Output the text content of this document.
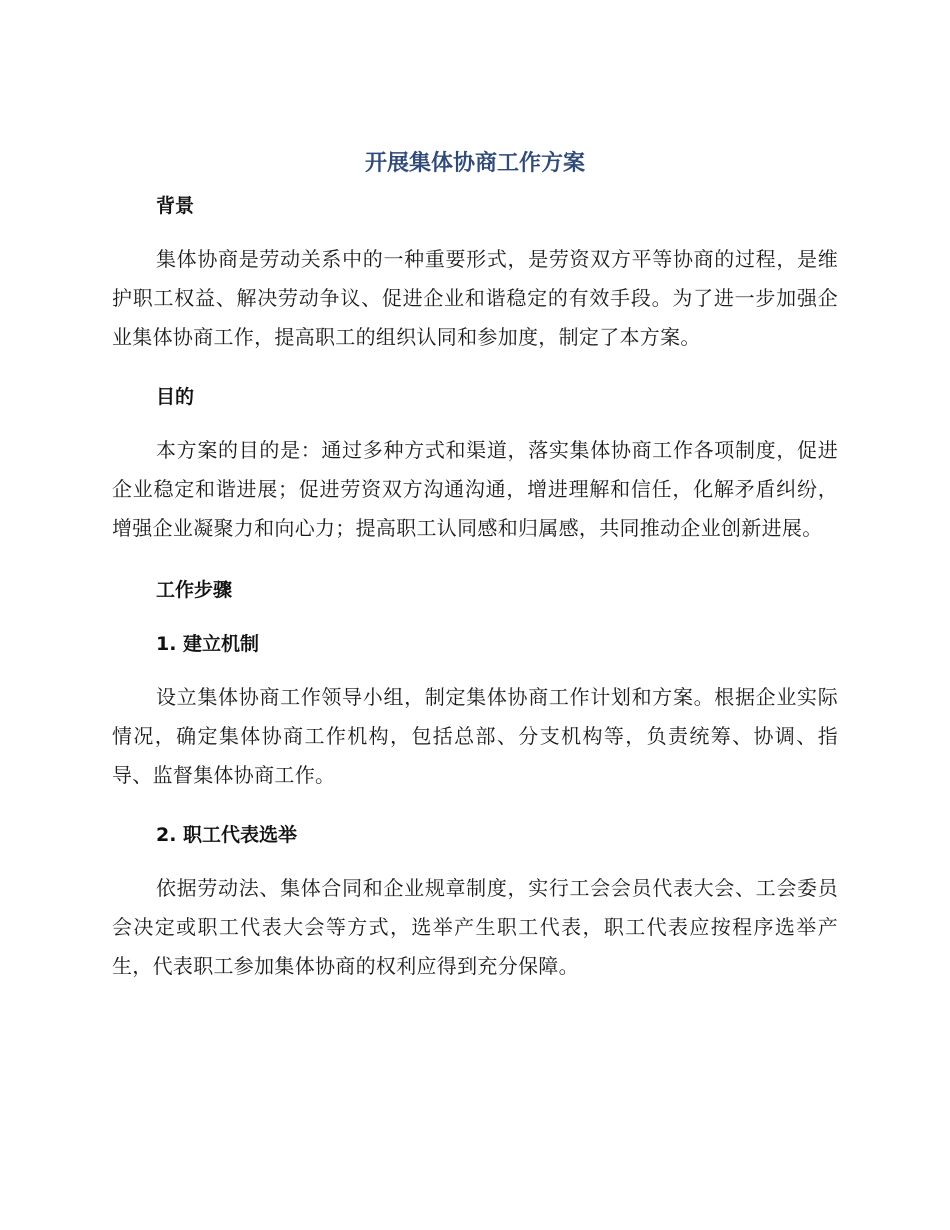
开展集体协商工作方案
背景

集体协商是劳动关系中的一种重要形式，是劳资双方平等协商的过程，是维护职工权益、解决劳动争议、促进企业和谐稳定的有效手段。为了进一步加强企业集体协商工作，提高职工的组织认同和参加度，制定了本方案。

目的

本方案的目的是：通过多种方式和渠道，落实集体协商工作各项制度，促进企业稳定和谐进展；促进劳资双方沟通沟通，增进理解和信任，化解矛盾纠纷，增强企业凝聚力和向心力；提高职工认同感和归属感，共同推动企业创新进展。

工作步骤
1. 建立机制

设立集体协商工作领导小组，制定集体协商工作计划和方案。根据企业实际情况，确定集体协商工作机构，包括总部、分支机构等，负责统筹、协调、指导、监督集体协商工作。

2. 职工代表选举

依据劳动法、集体合同和企业规章制度，实行工会会员代表大会、工会委员会决定或职工代表大会等方式，选举产生职工代表，职工代表应按程序选举产生，代表职工参加集体协商的权利应得到充分保障。
